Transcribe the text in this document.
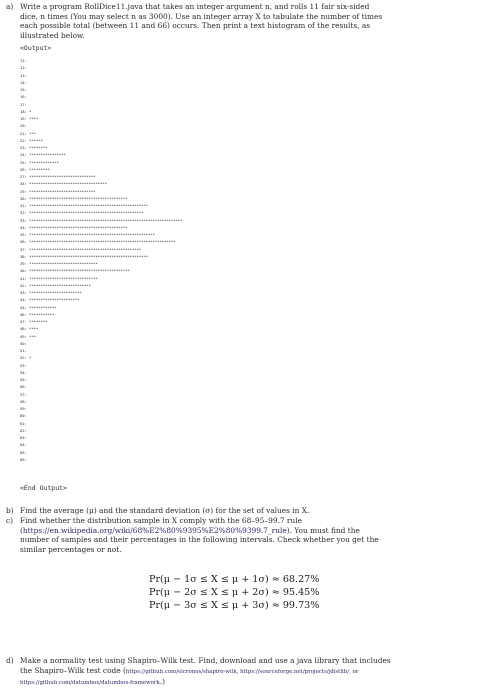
a) Write a program RollDice11.java that takes an integer argument n, and rolls 11 fair six-sided
dice, n times (You may select n as 3000). Use an integer array X to tabulate the number of times
each possible total (between 11 and 66) occurs. Then print a text histogram of the results, as
illustrated below.
<Output>
11:
12:
13:
14:
15:
16:
17:
18: *
19: ****
20:
21: ***
22: ******
23: ********
24: ****************
25: *************
26: *********
27: *****************************
28: **********************************
29: *****************************
30: *******************************************
31: ****************************************************
32: **************************************************
33: *******************************************************************
34: *******************************************
35: *******************************************************
36: ****************************************************************
37: *************************************************
38: ****************************************************
39: ******************************
40: ********************************************
41: ******************************
42: ***************************
43: ***********************
44: **********************
45: ************
46: ***********
47: ********
48: ****
49: ***
50:
51:
52: *
53:
54:
55:
56:
57:
58:
59:
60:
61:
62:
63:
64:
65:
66:
<End Output>
b) Find the average (μ) and the standard deviation (σ) for the set of values in X.
c) Find whether the distribution sample in X comply with the 68–95–99.7 rule
(https://en.wikipedia.org/wiki/68%E2%80%9395%E2%80%9399.7_rule). You must find the
number of samples and their percentages in the following intervals. Check whether you get the
similar percentages or not.
Pr(μ − 1σ ≤ X ≤ μ + 1σ) ≈ 68.27%
Pr(μ − 2σ ≤ X ≤ μ + 2σ) ≈ 95.45%
Pr(μ − 3σ ≤ X ≤ μ + 3σ) ≈ 99.73%
d) Make a normality test using Shapiro–Wilk test. Find, download and use a java library that includes
the Shapiro–Wilk test code (https://github.com/elcronos/shapiro-wilk, https://sourceforge.net/projects/jdistlib/, or
https://github.com/datumbox/datumbox-framework.)
